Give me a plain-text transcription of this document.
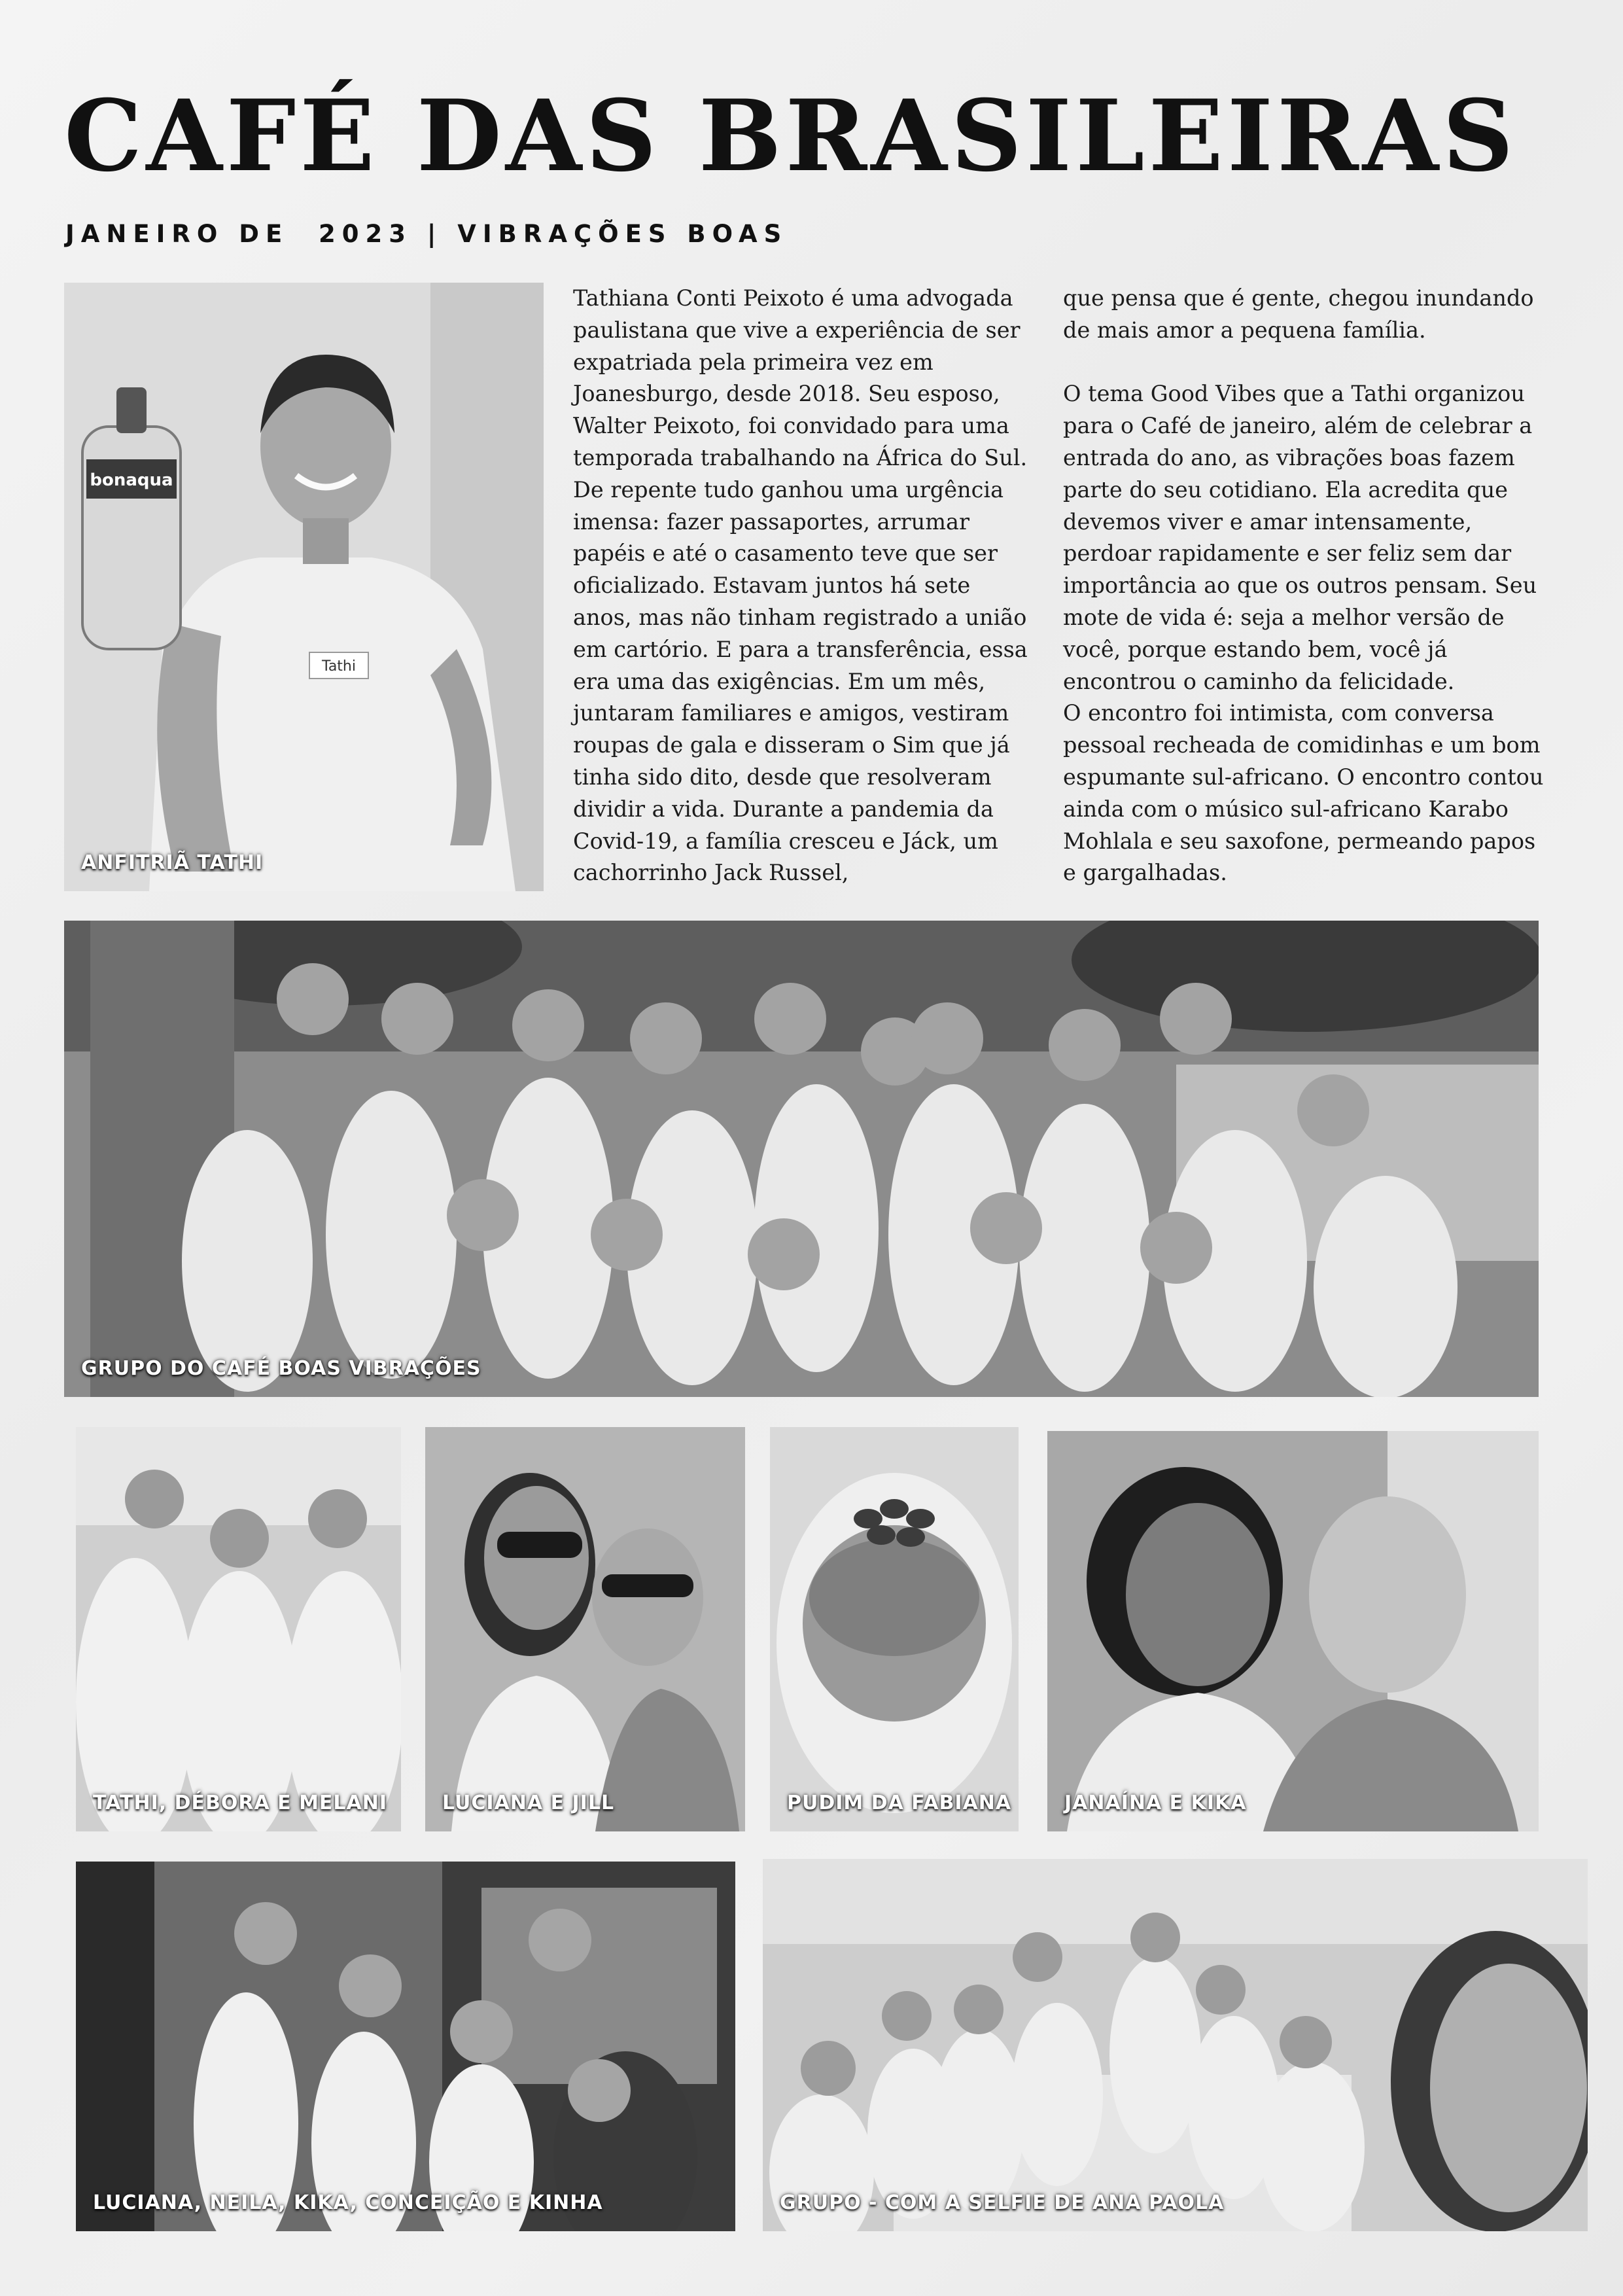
CAFÉ DAS BRASILEIRAS
JANEIRO DE  2023 | VIBRAÇÕES BOAS
bonaqua
Tathi
ANFITRIÃ TATHI

Tathiana Conti Peixoto é uma advogada paulistana que vive a experiência de ser expatriada pela primeira vez em Joanesburgo, desde 2018. Seu esposo, Walter Peixoto, foi convidado para uma temporada trabalhando na África do Sul. De repente tudo ganhou uma urgência imensa: fazer passaportes, arrumar papéis e até o casamento teve que ser oficializado. Estavam juntos há sete anos, mas não tinham registrado a união em cartório. E para a transferência, essa era uma das exigências. Em um mês, juntaram familiares e amigos, vestiram roupas de gala e disseram o Sim que já tinha sido dito, desde que resolveram dividir a vida. Durante a pandemia da Covid-19, a família cresceu e Jáck, um cachorrinho Jack Russel,

que pensa que é gente, chegou inundando de mais amor a pequena família.

O tema Good Vibes que a Tathi organizou para o Café de janeiro, além de celebrar a entrada do ano, as vibrações boas fazem parte do seu cotidiano. Ela acredita que devemos viver e amar intensamente, perdoar rapidamente e ser feliz sem dar importância ao que os outros pensam. Seu mote de vida é: seja a melhor versão de você, porque estando bem, você já encontrou o caminho da felicidade.

O encontro foi intimista, com conversa pessoal recheada de comidinhas e um bom espumante sul-africano. O encontro contou ainda com o músico sul-africano Karabo Mohlala e seu saxofone, permeando papos e gargalhadas.

GRUPO DO CAFÉ BOAS VIBRAÇÕES
TATHI, DÉBORA E MELANI	LUCIANA E JILL	PUDIM DA FABIANA	JANAÍNA E KIKA
LUCIANA, NEILA, KIKA, CONCEIÇÃO E KINHA	GRUPO - COM A SELFIE DE ANA PAOLA
